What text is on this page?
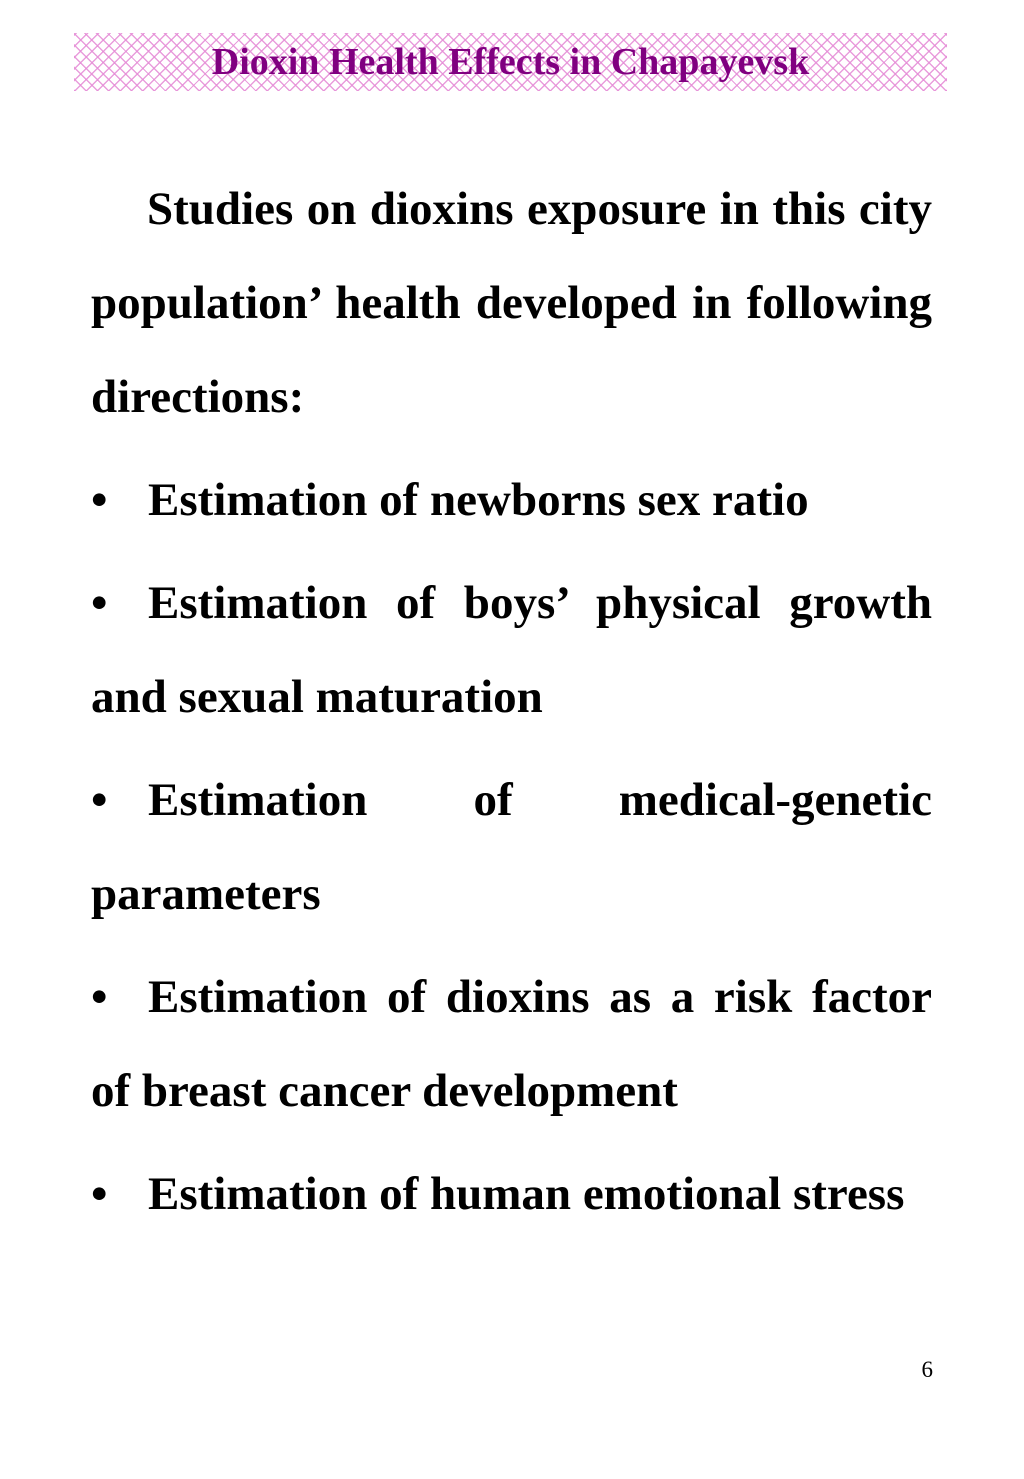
Dioxin Health Effects in Chapayevsk

Studies on dioxins exposure in this city population’ health developed in following directions:

• Estimation of newborns sex ratio

• Estimation of boys’ physical growth and sexual maturation

• Estimation of medical-genetic parameters

• Estimation of dioxins as a risk factor of breast cancer development

• Estimation of human emotional stress

6
